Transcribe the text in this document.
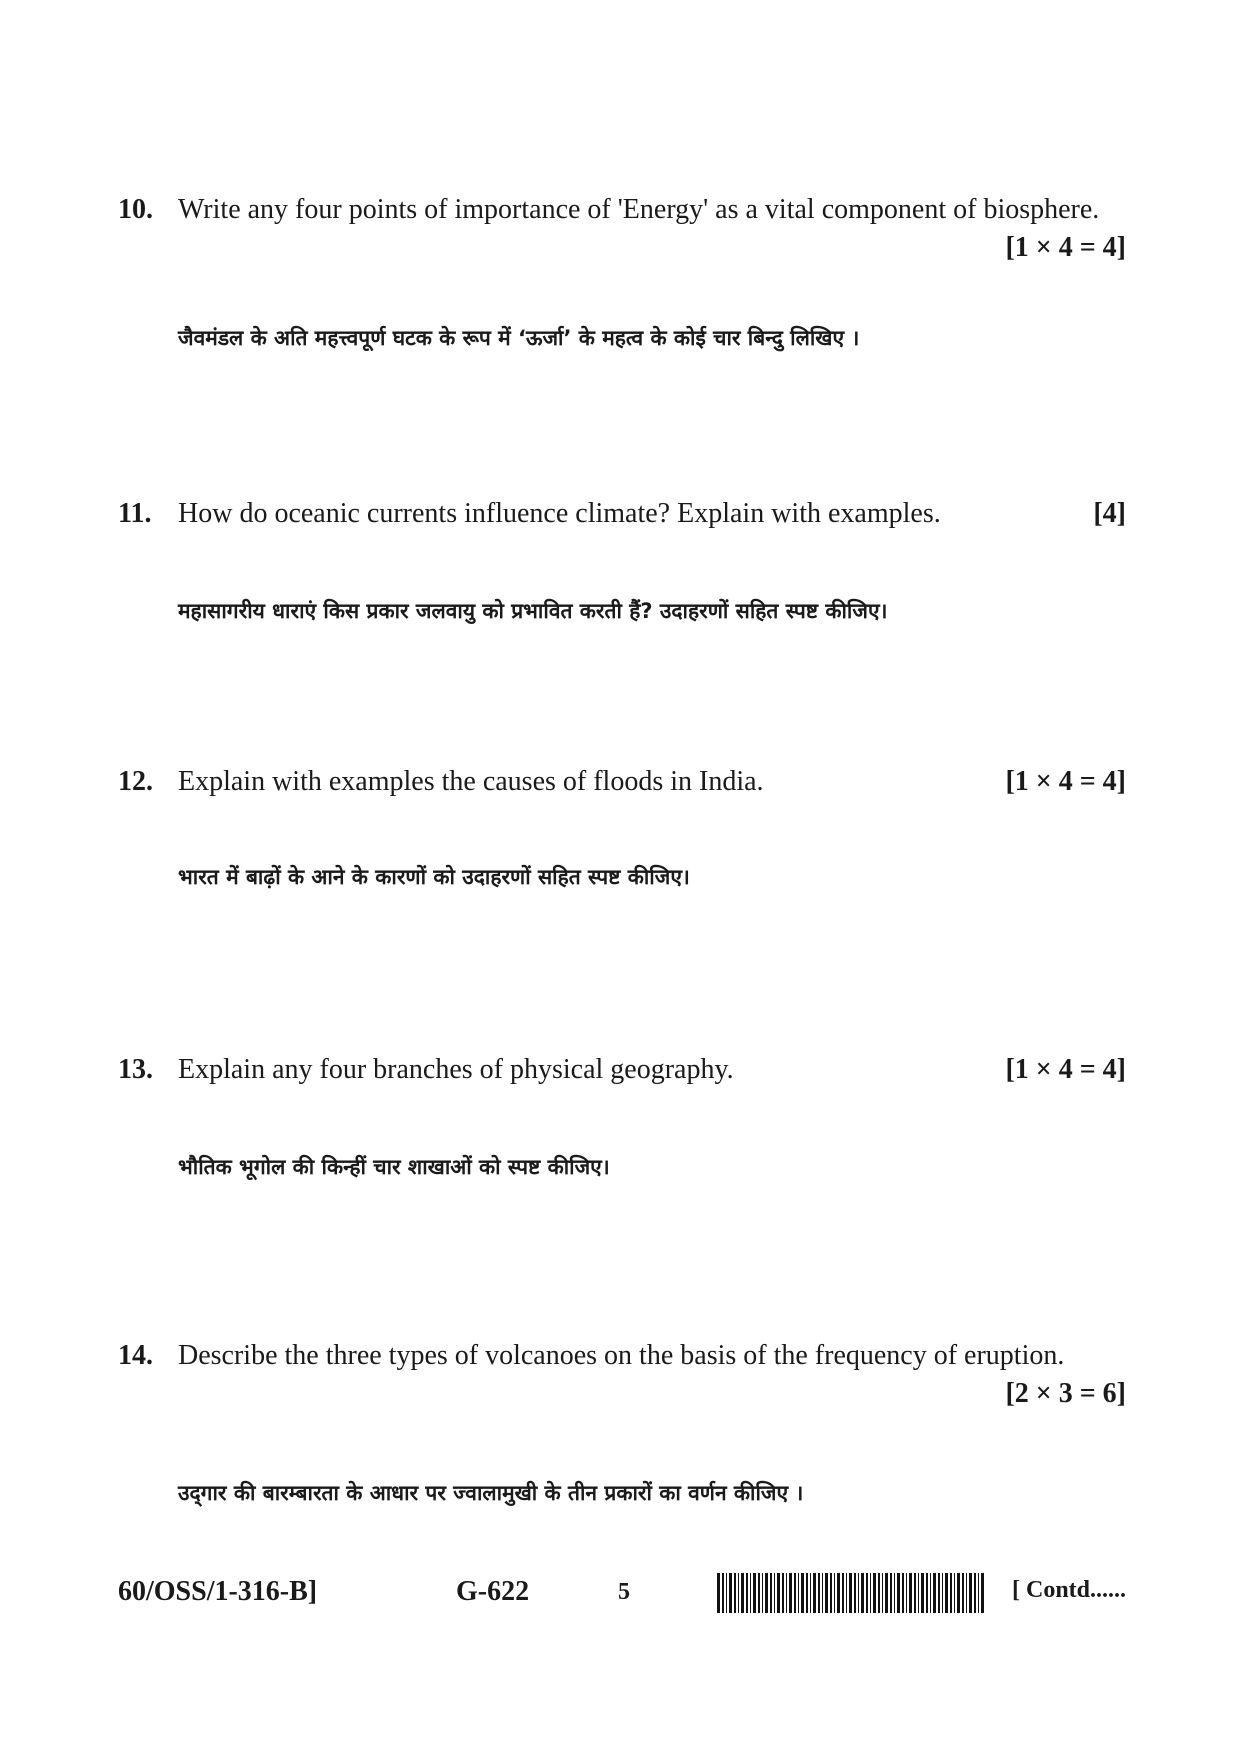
10. Write any four points of importance of 'Energy' as a vital component of biosphere.
[1 × 4 = 4]
जैवमंडल के अति महत्त्वपूर्ण घटक के रूप में ‘ऊर्जा’ के महत्व के कोई चार बिन्दु लिखिए ।
11. How do oceanic currents influence climate? Explain with examples.	[4]
महासागरीय धाराएं किस प्रकार जलवायु को प्रभावित करती हैं? उदाहरणों सहित स्पष्ट कीजिए।
12. Explain with examples the causes of floods in India.	[1 × 4 = 4]
भारत में बाढ़ों के आने के कारणों को उदाहरणों सहित स्पष्ट कीजिए।
13. Explain any four branches of physical geography.	[1 × 4 = 4]
भौतिक भूगोल की किन्हीं चार शाखाओं को स्पष्ट कीजिए।
14. Describe the three types of volcanoes on the basis of the frequency of eruption.
[2 × 3 = 6]
उद्‌गार की बारम्बारता के आधार पर ज्वालामुखी के तीन प्रकारों का वर्णन कीजिए ।
60/OSS/1-316-B]	G-622	5	[ Contd......
